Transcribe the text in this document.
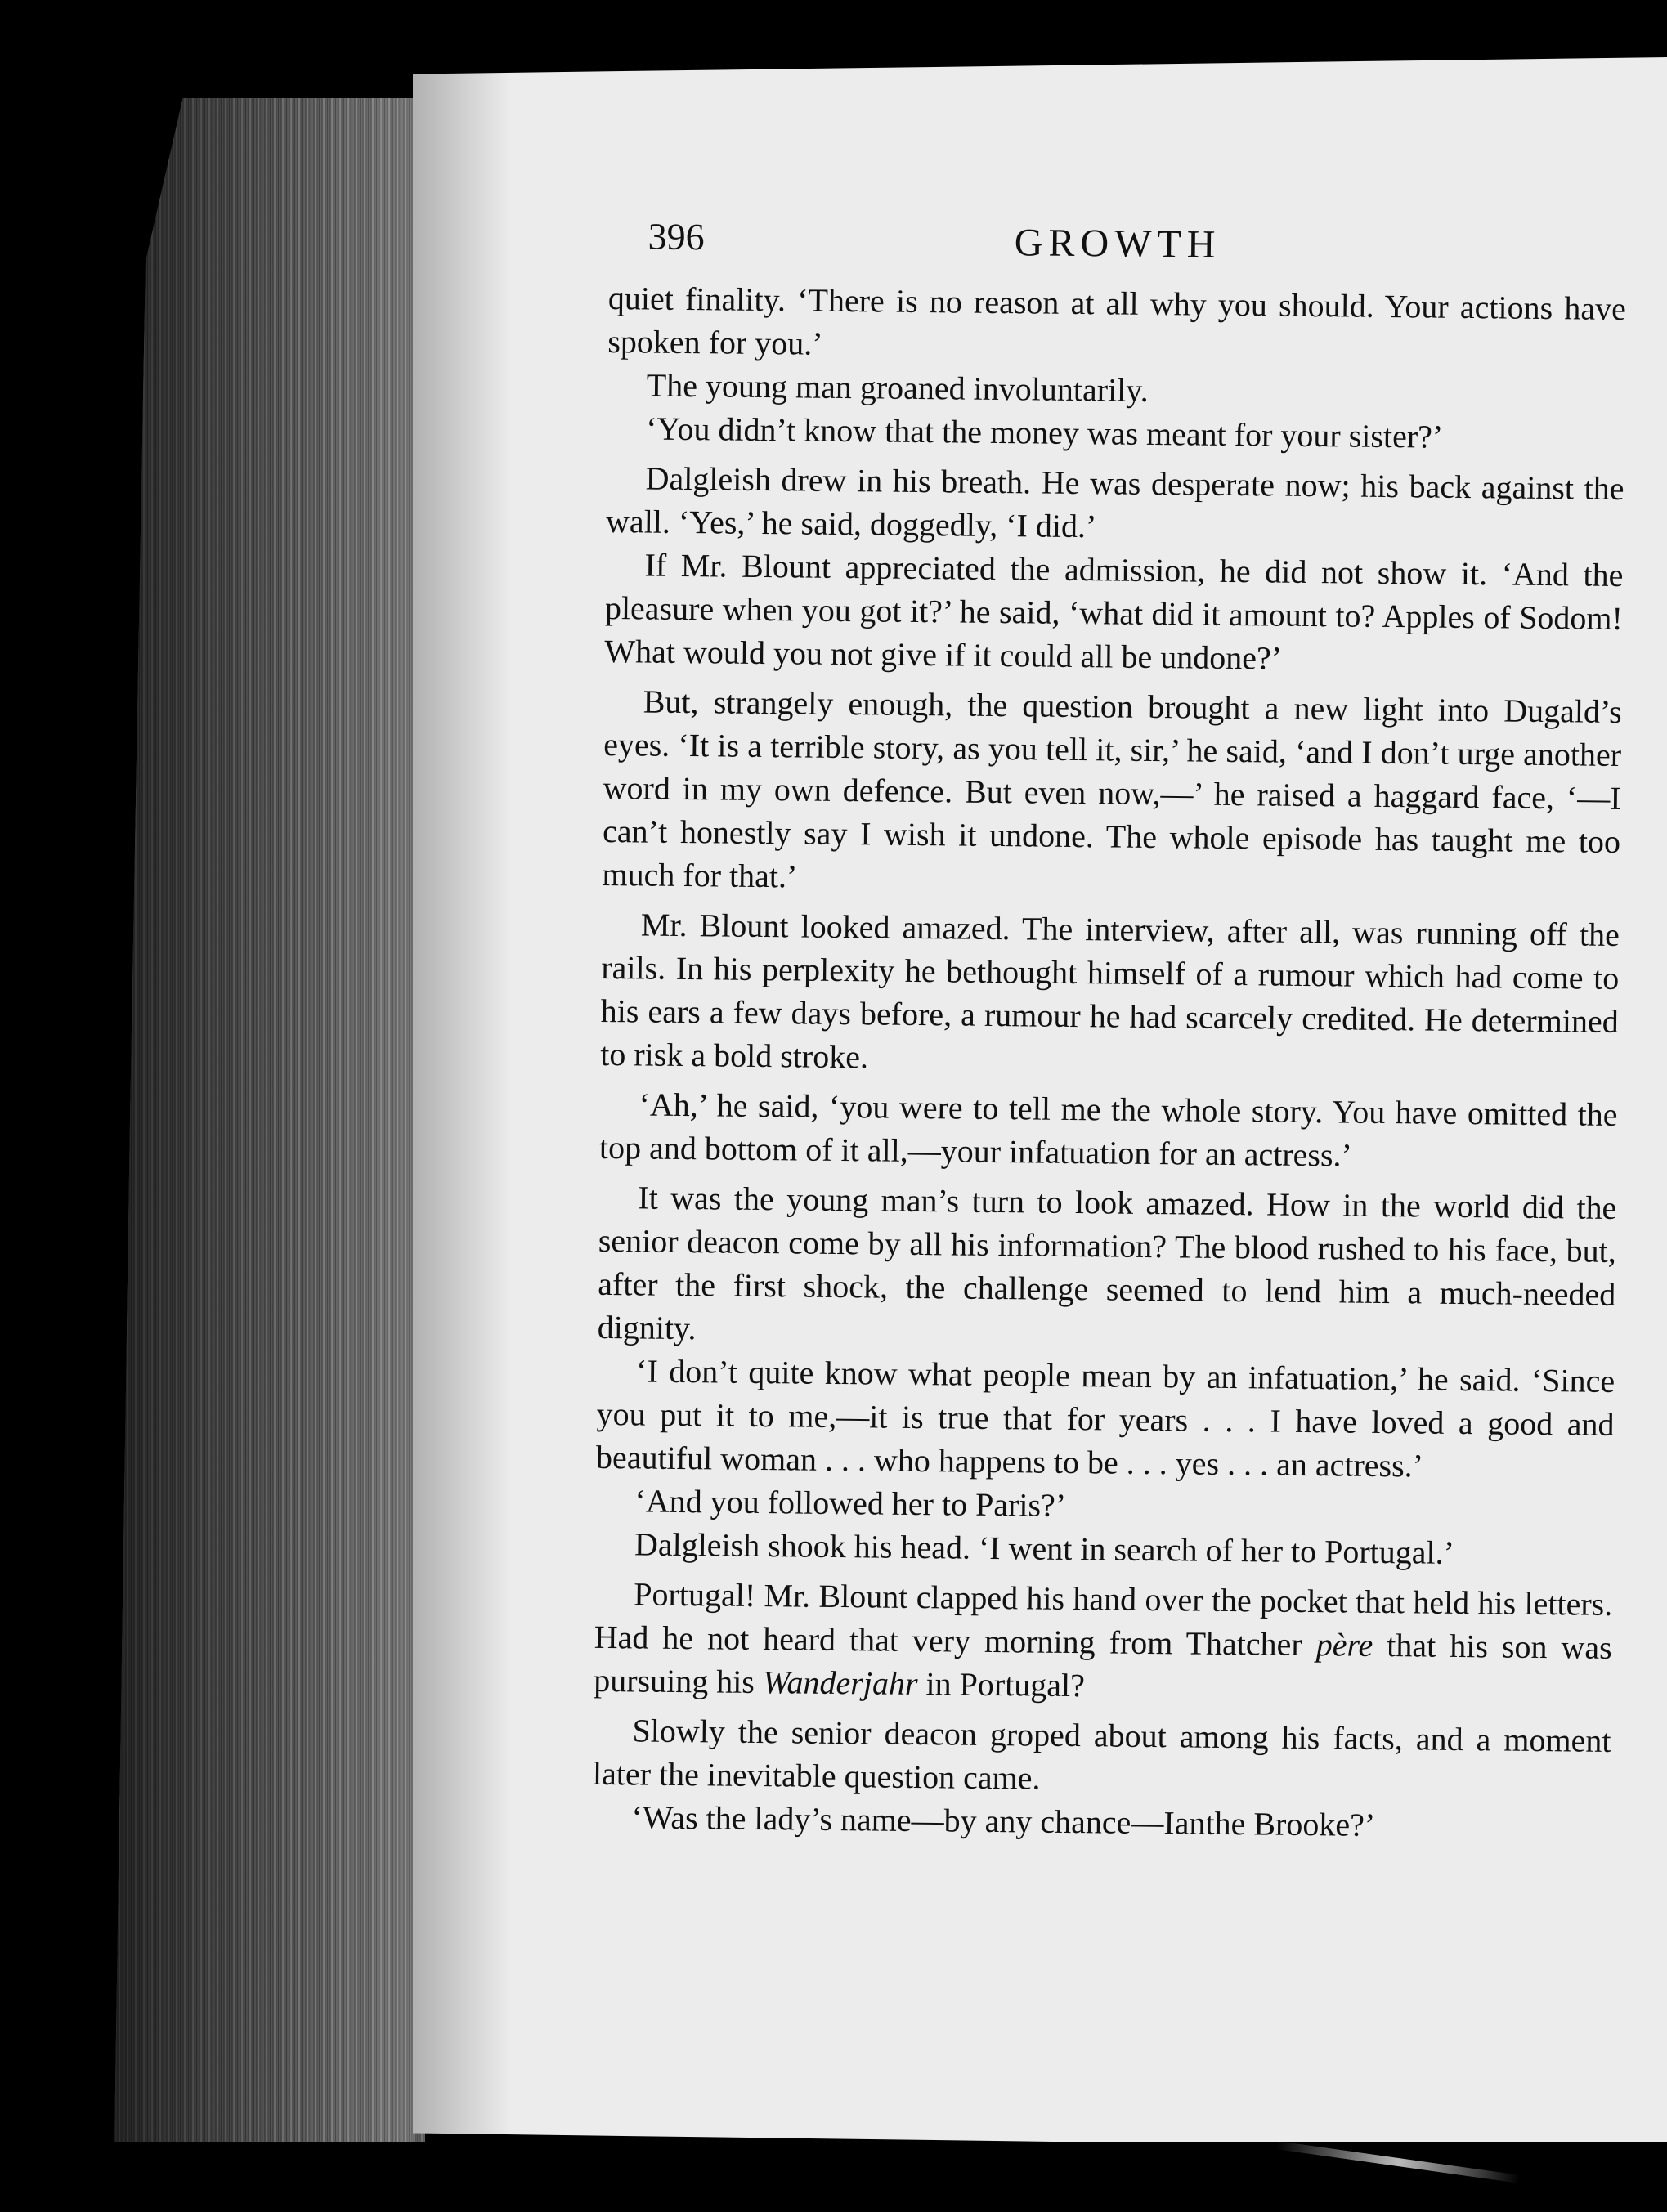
396	GROWTH

quiet finality. ‘There is no reason at all why you should. Your actions have spoken for you.’

The young man groaned involuntarily.

‘You didn’t know that the money was meant for your sister?’

Dalgleish drew in his breath. He was desperate now; his back against the wall. ‘Yes,’ he said, doggedly, ‘I did.’

If Mr. Blount appreciated the admission, he did not show it. ‘And the pleasure when you got it?’ he said, ‘what did it amount to? Apples of Sodom! What would you not give if it could all be undone?’

But, strangely enough, the question brought a new light into Dugald’s eyes. ‘It is a terrible story, as you tell it, sir,’ he said, ‘and I don’t urge another word in my own defence. But even now,—’ he raised a haggard face, ‘—I can’t honestly say I wish it undone. The whole episode has taught me too much for that.’

Mr. Blount looked amazed. The interview, after all, was running off the rails. In his perplexity he bethought himself of a rumour which had come to his ears a few days before, a rumour he had scarcely credited. He determined to risk a bold stroke.

‘Ah,’ he said, ‘you were to tell me the whole story. You have omitted the top and bottom of it all,—your infatuation for an actress.’

It was the young man’s turn to look amazed. How in the world did the senior deacon come by all his information? The blood rushed to his face, but, after the first shock, the challenge seemed to lend him a much-needed dignity.

‘I don’t quite know what people mean by an infatuation,’ he said. ‘Since you put it to me,—it is true that for years . . . I have loved a good and beautiful woman . . . who happens to be . . . yes . . . an actress.’

‘And you followed her to Paris?’

Dalgleish shook his head. ‘I went in search of her to Portugal.’

Portugal! Mr. Blount clapped his hand over the pocket that held his letters. Had he not heard that very morning from Thatcher père that his son was pursuing his Wanderjahr in Portugal?

Slowly the senior deacon groped about among his facts, and a moment later the inevitable question came.

‘Was the lady’s name—by any chance—Ianthe Brooke?’
